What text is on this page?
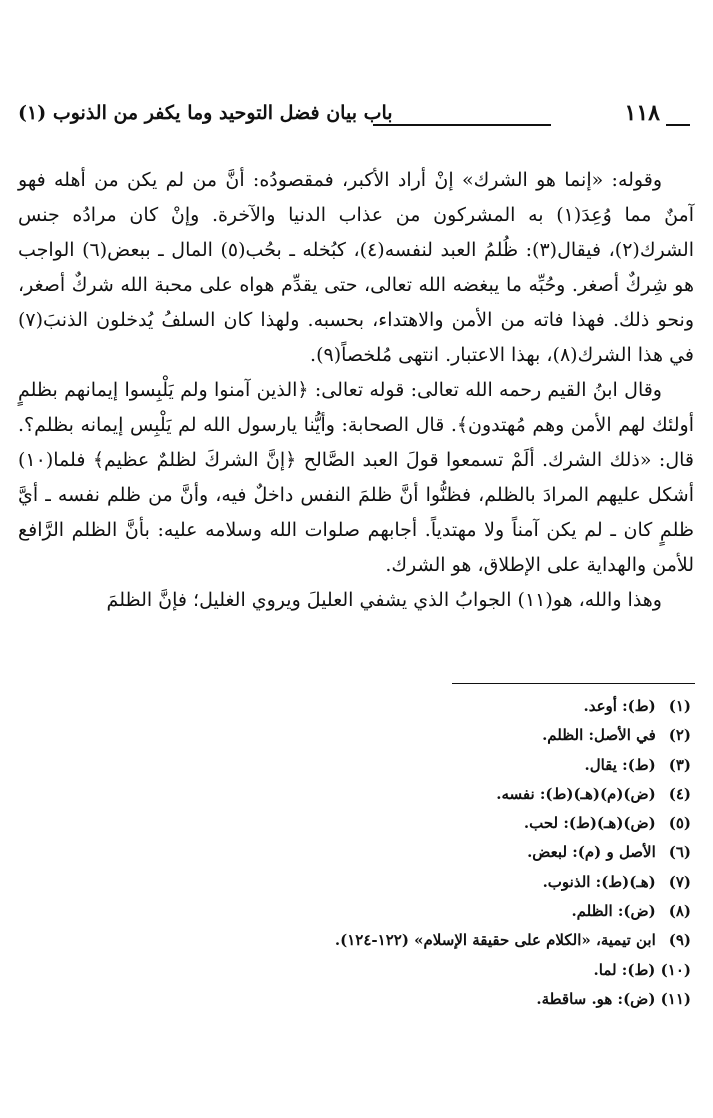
١١٨
باب بيان فضل التوحيد وما يكفر من الذنوب (١)

وقوله: «إنما هو الشرك» إنْ أراد الأكبر، فمقصودُه: أنَّ من لم يكن من أهله فهو آمنٌ مما وُعِدَ(١) به المشركون من عذاب الدنيا والآخرة. وإنْ كان مرادُه جنس الشرك(٢)، فيقال(٣): ظُلمُ العبد لنفسه(٤)، كبُخله ـ بحُب(٥) المال ـ ببعض(٦) الواجب هو شِركٌ أصغر. وحُبِّه ما يبغضه الله تعالى، حتى يقدِّم هواه على محبة الله شركٌ أصغر، ونحو ذلك. فهذا فاته من الأمن والاهتداء، بحسبه. ولهذا كان السلفُ يُدخلون الذنبَ(٧) في هذا الشرك(٨)، بهذا الاعتبار. انتهى مُلخصاً(٩).

وقال ابنُ القيم رحمه الله تعالى: قوله تعالى: ﴿الذين آمنوا ولم يَلْبِسوا إيمانهم بظلمٍ أولئك لهم الأمن وهم مُهتدون﴾. قال الصحابة: وأيُّنا يارسول الله لم يَلْبِس إيمانه بظلم؟. قال: «ذلك الشرك. ألَمْ تسمعوا قولَ العبد الصَّالح ﴿إنَّ الشركَ لظلمٌ عظيم﴾ فلما(١٠) أشكل عليهم المرادَ بالظلم، فظنُّوا أنَّ ظلمَ النفس داخلٌ فيه، وأنَّ من ظلم نفسه ـ أيَّ ظلمٍ كان ـ لم يكن آمناً ولا مهتدياً. أجابهم صلوات الله وسلامه عليه: بأنَّ الظلم الرَّافع للأمن والهداية على الإطلاق، هو الشرك.

وهذا والله، هو(١١) الجوابُ الذي يشفي العليلَ ويروي الغليل؛ فإنَّ الظلمَ

(١) (ط): أوعد.
(٢) في الأصل: الظلم.
(٣) (ط): يقال.
(٤) (ض)(م)(هـ)(ط): نفسه.
(٥) (ض)(هـ)(ط): لحب.
(٦) الأصل و (م): لبعض.
(٧) (هـ)(ط): الذنوب.
(٨) (ض): الظلم.
(٩) ابن تيمية، «الكلام على حقيقة الإسلام» (١٢٢-١٢٤).
(١٠) (ط): لما.
(١١) (ض): هو. ساقطة.
